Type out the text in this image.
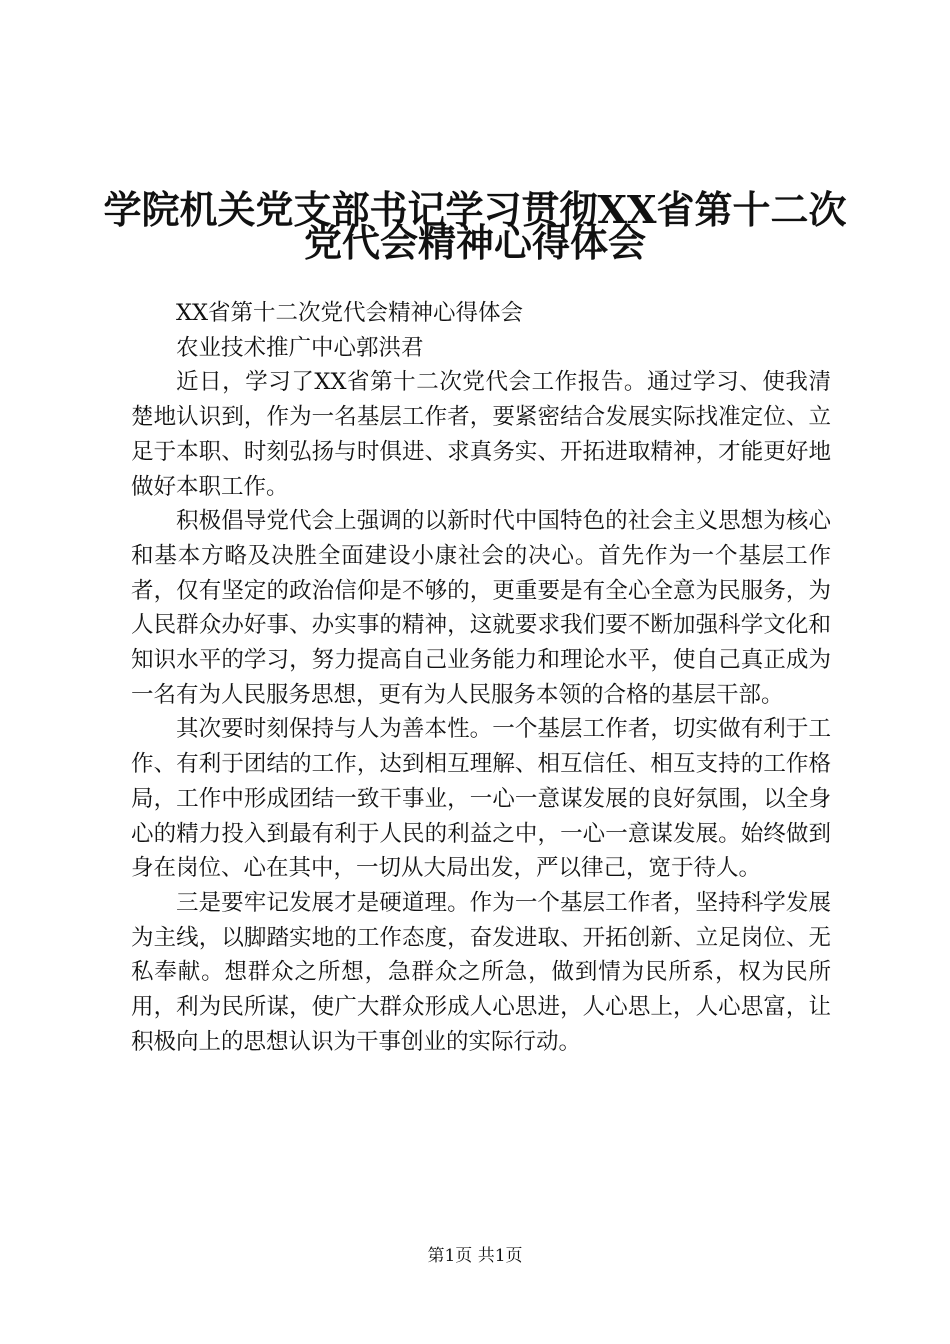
学院机关党支部书记学习贯彻XX省第十二次
党代会精神心得体会

XX省第十二次党代会精神心得体会

农业技术推广中心郭洪君

近日，学习了XX省第十二次党代会工作报告。通过学习、使我清楚地认识到，作为一名基层工作者，要紧密结合发展实际找准定位、立足于本职、时刻弘扬与时俱进、求真务实、开拓进取精神，才能更好地做好本职工作。

积极倡导党代会上强调的以新时代中国特色的社会主义思想为核心和基本方略及决胜全面建设小康社会的决心。首先作为一个基层工作者，仅有坚定的政治信仰是不够的，更重要是有全心全意为民服务，为人民群众办好事、办实事的精神，这就要求我们要不断加强科学文化和知识水平的学习，努力提高自己业务能力和理论水平，使自己真正成为一名有为人民服务思想，更有为人民服务本领的合格的基层干部。

其次要时刻保持与人为善本性。一个基层工作者，切实做有利于工作、有利于团结的工作，达到相互理解、相互信任、相互支持的工作格局，工作中形成团结一致干事业，一心一意谋发展的良好氛围，以全身心的精力投入到最有利于人民的利益之中，一心一意谋发展。始终做到身在岗位、心在其中，一切从大局出发，严以律己，宽于待人。

三是要牢记发展才是硬道理。作为一个基层工作者，坚持科学发展为主线，以脚踏实地的工作态度，奋发进取、开拓创新、立足岗位、无私奉献。想群众之所想，急群众之所急，做到情为民所系，权为民所用，利为民所谋，使广大群众形成人心思进，人心思上，人心思富，让积极向上的思想认识为干事创业的实际行动。

第1页 共1页
